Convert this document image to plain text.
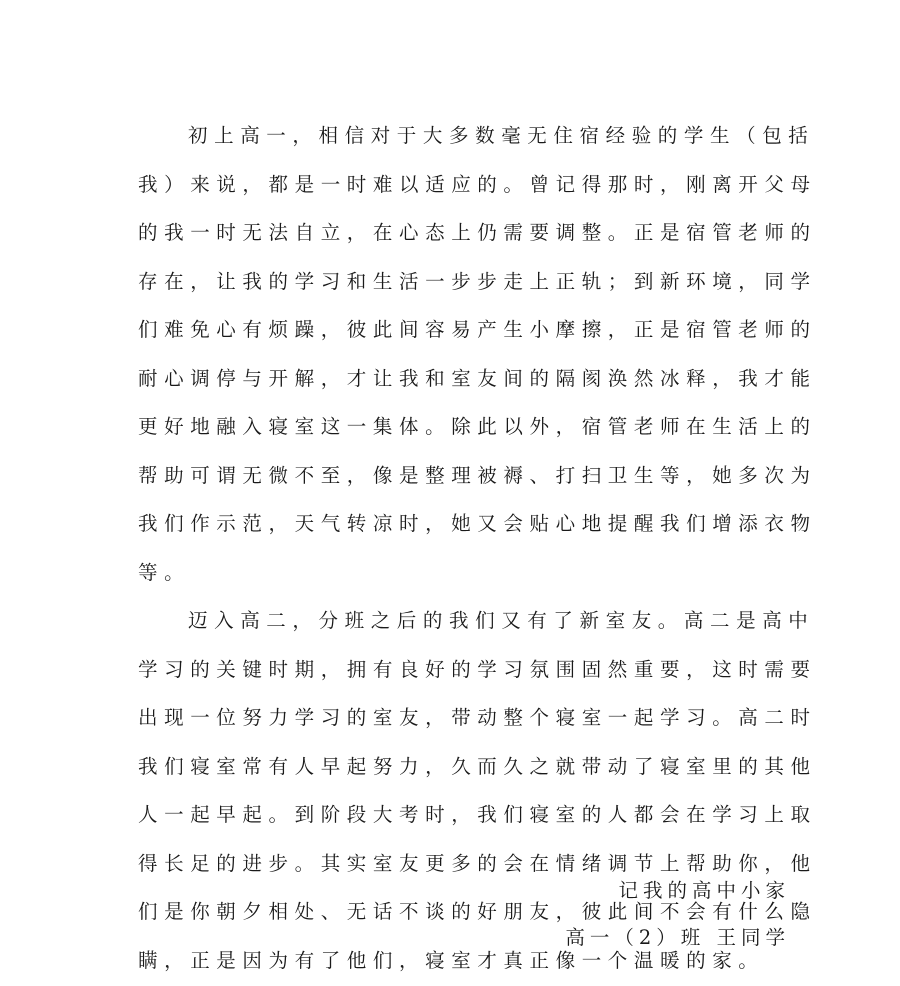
初上高一，相信对于大多数毫无住宿经验的学生（包括
我）来说，都是一时难以适应的。曾记得那时，刚离开父母
的我一时无法自立，在心态上仍需要调整。正是宿管老师的
存在，让我的学习和生活一步步走上正轨；到新环境，同学
们难免心有烦躁，彼此间容易产生小摩擦，正是宿管老师的
耐心调停与开解，才让我和室友间的隔阂涣然冰释，我才能
更好地融入寝室这一集体。除此以外，宿管老师在生活上的
帮助可谓无微不至，像是整理被褥、打扫卫生等，她多次为
我们作示范，天气转凉时，她又会贴心地提醒我们增添衣物
等。
迈入高二，分班之后的我们又有了新室友。高二是高中
学习的关键时期，拥有良好的学习氛围固然重要，这时需要
出现一位努力学习的室友，带动整个寝室一起学习。高二时
我们寝室常有人早起努力，久而久之就带动了寝室里的其他
人一起早起。到阶段大考时，我们寝室的人都会在学习上取
得长足的进步。其实室友更多的会在情绪调节上帮助你，他
们是你朝夕相处、无话不谈的好朋友，彼此间不会有什么隐
瞒，正是因为有了他们，寝室才真正像一个温暖的家。
记我的高中小家
高一（2）班 王同学
